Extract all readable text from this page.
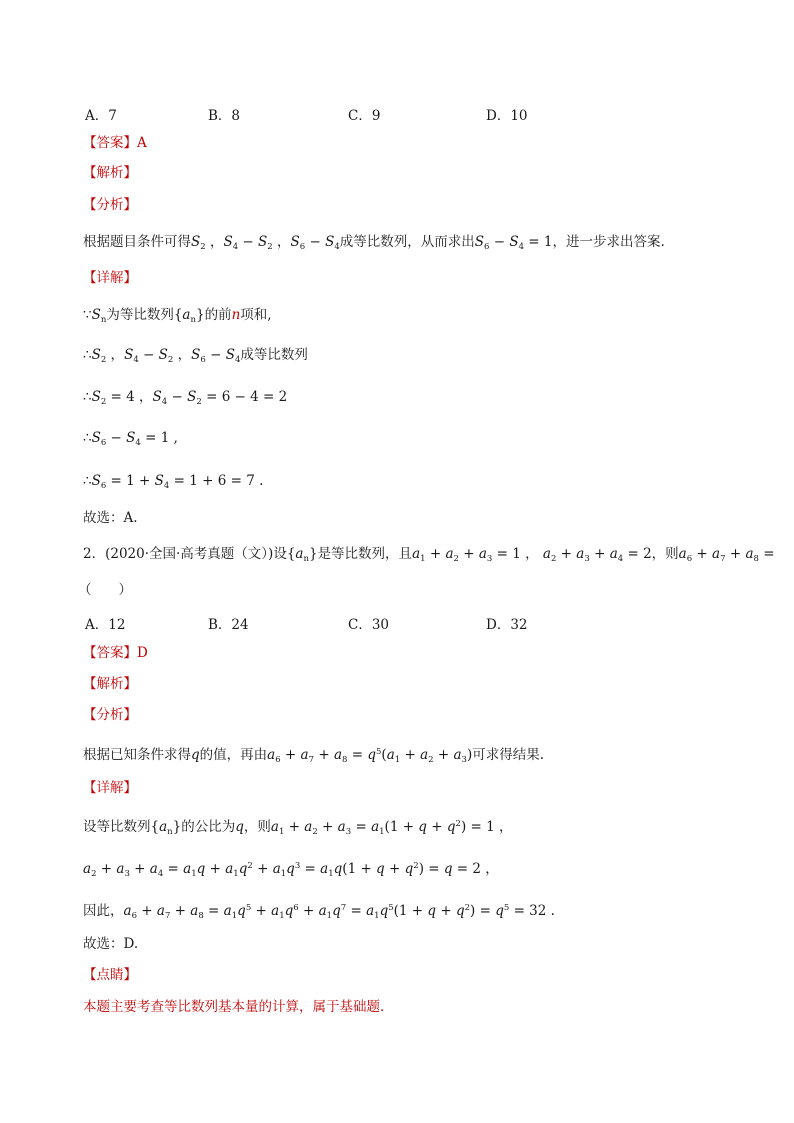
A．7	B．8	C．9	D．10
【答案】A
【解析】
【分析】
根据题目条件可得$S_2$ ，$S_4 - S_2$ ，$S_6 - S_4$成等比数列，从而求出$S_6 - S_4 = 1$，进一步求出答案.
【详解】
$\because S_n$为等比数列$\{a_n\}$的前n项和,
$\therefore S_2$ ，$S_4 - S_2$ ，$S_6 - S_4$成等比数列
$\therefore S_2 = 4$ ，$S_4 - S_2 = 6 - 4 = 2$
$\therefore S_6 - S_4 = 1$ ,
$\therefore S_6 = 1 + S_4 = 1 + 6 = 7$ .
故选：A.
2．(2020·全国·高考真题（文）)设$\{a_n\}$是等比数列，且$a_1 + a_2 + a_3 = 1$ ， $a_2 + a_3 + a_4 = 2$，则$a_6 + a_7 + a_8$ =
（　　）
A．12	B．24	C．30	D．32
【答案】D
【解析】
【分析】
根据已知条件求得q的值，再由$a_6 + a_7 + a_8 = q^5(a_1 + a_2 + a_3)$可求得结果.
【详解】
设等比数列$\{a_n\}$的公比为q，则$a_1 + a_2 + a_3 = a_1(1 + q + q^2) = 1$ ，
$a_2 + a_3 + a_4 = a_1q + a_1q^2 + a_1q^3 = a_1q(1 + q + q^2) = q = 2$ ，
因此，$a_6 + a_7 + a_8 = a_1q^5 + a_1q^6 + a_1q^7 = a_1q^5(1 + q + q^2) = q^5 = 32$ .
故选：D.
【点睛】
本题主要考查等比数列基本量的计算，属于基础题．
